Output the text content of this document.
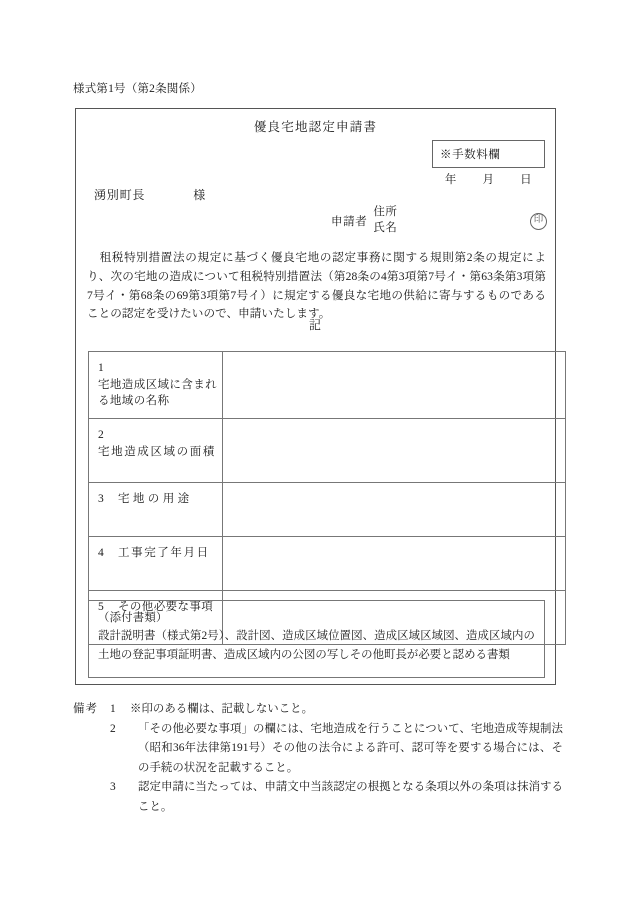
様式第1号（第2条関係）
優良宅地認定申請書
※手数料欄
年 月 日
湧別町長	様
申請者
住所
氏名
印
租税特別措置法の規定に基づく優良宅地の認定事務に関する規則第2条の規定により、次の宅地の造成について租税特別措置法（第28条の4第3項第7号イ・第63条第3項第7号イ・第68条の69第3項第7号イ）に規定する優良な宅地の供給に寄与するものであることの認定を受けたいので、申請いたします。
記
1宅地造成区域に含まれる地域の名称	
2宅地造成区域の面積	
3 宅地の用途	
4 工事完了年月日	
5 その他必要な事項	
（添付書類）
設計説明書（様式第2号）、設計図、造成区域位置図、造成区域区域図、造成区域内の土地の登記事項証明書、造成区域内の公図の写しその他町長が必要と認める書類
備考	1	※印のある欄は、記載しないこと。
2	「その他必要な事項」の欄には、宅地造成を行うことについて、宅地造成等規制法（昭和36年法律第191号）その他の法令による許可、認可等を要する場合には、その手続の状況を記載すること。
3	認定申請に当たっては、申請文中当該認定の根拠となる条項以外の条項は抹消すること。
